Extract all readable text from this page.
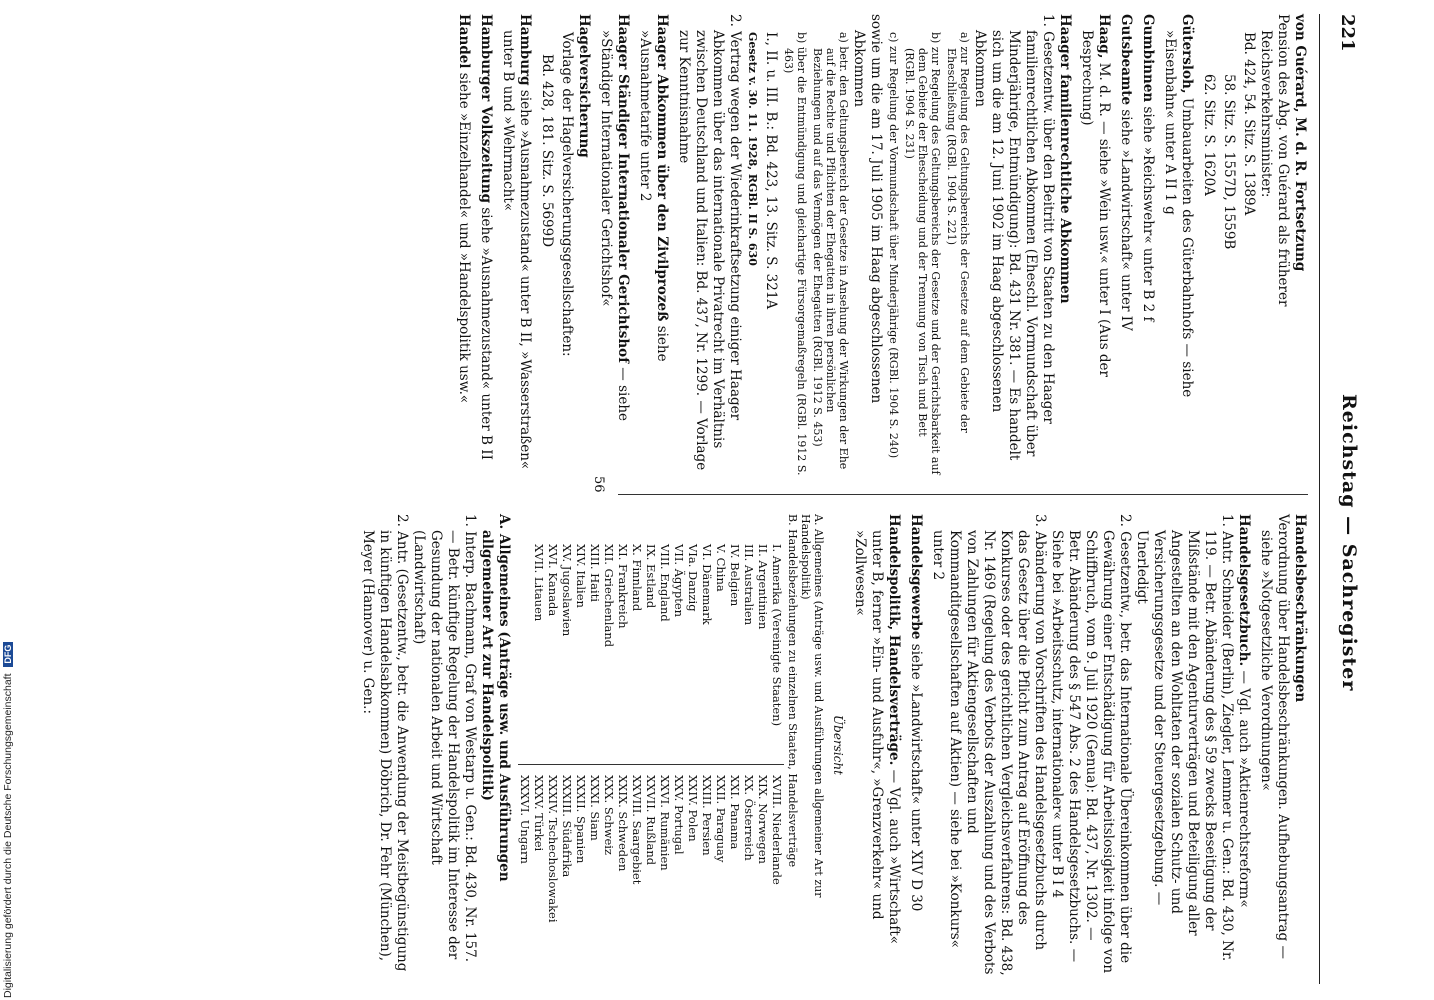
221
Reichstag — Sachregister
von Guérard, M. d. R. Fortsetzung
Pension des Abg. von Guérard als früherer Reichsverkehrsminister:
Bd. 424, 54. Sitz. S. 1389A
58. Sitz. S. 1557D, 1559B
62. Sitz. S. 1620A
Gütersloh, Umbauarbeiten des Güterbahnhofs — siehe »Eisenbahn« unter A II 1 g
Gumbinnen siehe »Reichswehr« unter B 2 f
Gutsbeamte siehe »Landwirtschaft« unter IV
Haag, M. d. R. — siehe »Wein usw.« unter I (Aus der Besprechung)
Haager familienrechtliche Abkommen
1. Gesetzentw. über den Beitritt von Staaten zu den Haager familienrechtlichen Abkommen (Eheschl. Vormundschaft über Minderjährige, Entmündigung): Bd. 431 Nr. 381. — Es handelt sich um die am 12. Juni 1902 im Haag abgeschlossenen Abkommen
a) zur Regelung des Geltungsbereichs der Gesetze auf dem Gebiete der Eheschließung (RGBl. 1904 S. 221)
b) zur Regelung des Geltungsbereichs der Gesetze und der Gerichtsbarkeit auf dem Gebiete der Ehescheidung und der Trennung von Tisch und Bett (RGBl. 1904 S. 231)
c) zur Regelung der Vormundschaft über Minderjährige (RGBl. 1904 S. 240)
sowie um die am 17. Juli 1905 im Haag abgeschlossenen Abkommen
a) betr. den Geltungsbereich der Gesetze in Ansehung der Wirkungen der Ehe auf die Rechte und Pflichten der Ehegatten in ihren persönlichen Beziehungen und auf das Vermögen der Ehegatten (RGBl. 1912 S. 453)
b) über die Entmündigung und gleichartige Fürsorgemaßregeln (RGBl. 1912 S. 463)
I., II. u. III. B.: Bd. 423, 13. Sitz. S. 321A
Gesetz v. 30. 11. 1928, RGBl. II S. 630
2. Vertrag wegen der Wiederinkraftsetzung einiger Haager Abkommen über das internationale Privatrecht im Verhältnis zwischen Deutschland und Italien: Bd. 437, Nr. 1299. — Vorlage zur Kenntnisnahme
Haager Abkommen über den Zivilprozeß siehe »Ausnahmetarife unter 2
Haager Ständiger Internationaler Gerichtshof — siehe »Ständiger Internationaler Gerichtshof«
Hagelversicherung
Vorlage der Hagelversicherungsgesellschaften:
Bd. 428, 181. Sitz. S. 5699D
Hamburg siehe »Ausnahmezustand« unter B II, »Wasserstraßen« unter B und »Wehrmacht«
Hamburger Volkszeitung siehe »Ausnahmezustand« unter B II
Handel siehe »Einzelhandel« und »Handelspolitik usw.«
Handelsbeschränkungen
Verordnung über Handelsbeschränkungen. Aufhebungsantrag — siehe »Notgesetzliche Verordnungen«
Handelsgesetzbuch. — Vgl. auch »Aktienrechtsreform«
1. Antr. Schneider (Berlin), Ziegler, Lemmer u. Gen.: Bd. 430, Nr. 119. — Betr. Abänderung des § 59 zwecks Beseitigung der Mißstände mit den Agenturverträgen und Beteiligung aller Angestellten an den Wohltaten der sozialen Schutz- und Versicherungsgesetze und der Steuergesetzgebung. — Unerledigt
2. Gesetzentw., betr. das Internationale Übereinkommen über die Gewährung einer Entschädigung für Arbeitslosigkeit infolge von Schiffbruch, vom 9. Juli 1920 (Genua): Bd. 437, Nr. 1302. — Betr. Abänderung des § 547 Abs. 2 des Handelsgesetzbuchs. — Siehe bei »Arbeitsschutz, internationaler« unter B I 4
3. Abänderung von Vorschriften des Handelsgesetzbuchs durch das Gesetz über die Pflicht zum Antrag auf Eröffnung des Konkurses oder des gerichtlichen Vergleichsverfahrens: Bd. 438, Nr. 1469 (Regelung des Verbots der Auszahlung und des Verbots von Zahlungen für Aktiengesellschaften und Kommanditgesellschaften auf Aktien) — siehe bei »Konkurs« unter 2
Handelsgewerbe siehe »Landwirtschaft« unter XIV D 30
Handelspolitik, Handelsverträge. — Vgl. auch »Wirtschaft« unter B, ferner »Ein- und Ausfuhr«, »Grenzverkehr« und »Zollwesen«
Übersicht
A. Allgemeines (Anträge usw. und Ausführungen allgemeiner Art zur Handelspolitik)
B. Handelsbeziehungen zu einzelnen Staaten, Handelsverträge
I. Amerika (Vereinigte Staaten)
II. Argentinien
III. Australien
IV. Belgien
V. China
VI. Dänemark
VIa. Danzig
VII. Ägypten
VIII. England
IX. Estland
X. Finnland
XI. Frankreich
XII. Griechenland
XIII. Haiti
XIV. Italien
XV. Jugoslawien
XVI. Kanada
XVII. Litauen
XVIII. Niederlande
XIX. Norwegen
XX. Österreich
XXI. Panama
XXII. Paraguay
XXIII. Persien
XXIV. Polen
XXV. Portugal
XXVI. Rumänien
XXVII. Rußland
XXVIII. Saargebiet
XXIX. Schweden
XXX. Schweiz
XXXI. Siam
XXXII. Spanien
XXXIII. Südafrika
XXXIV. Tschechoslowakei
XXXV. Türkei
XXXVI. Ungarn
A. Allgemeines (Anträge usw. und Ausführungen allgemeiner Art zur Handelspolitik)
1. Interp. Bachmann, Graf von Westarp u. Gen.: Bd. 430, Nr. 157. — Betr. künftige Regelung der Handelspolitik im Interesse der Gesundung der nationalen Arbeit und Wirtschaft (Landwirtschaft)
2. Antr. (Gesetzentw., betr. die Anwendung der Meistbegünstigung in künftigen Handelsabkommen) Döbrich, Dr. Fehr (München), Meyer (Hannover) u. Gen.:
56
Digitalisierung gefördert durch die Deutsche Forschungsgemeinschaft DFG
